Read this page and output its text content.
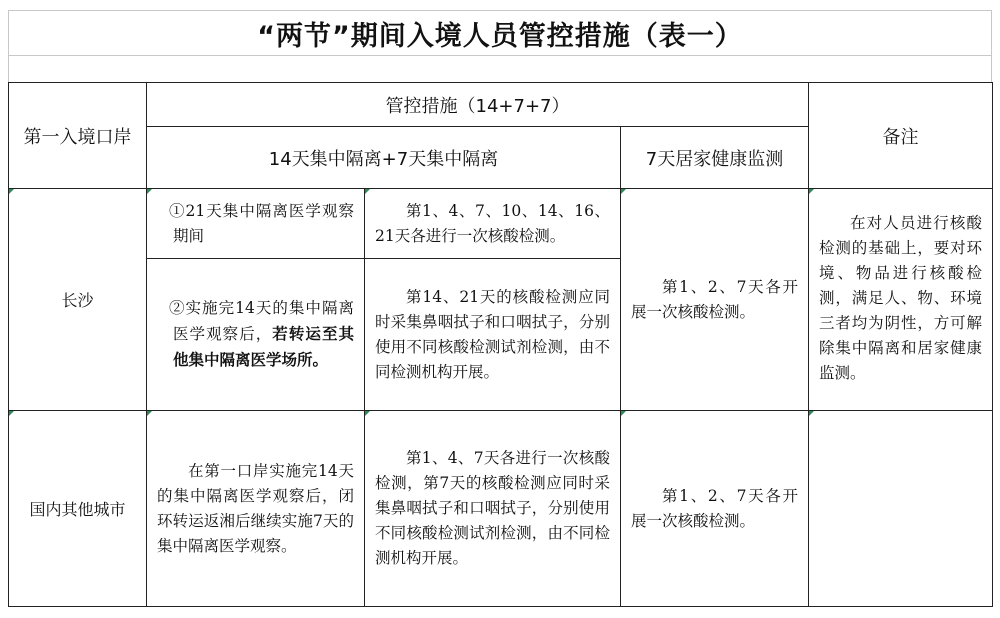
“两节”期间入境人员管控措施（表一）
第一入境口岸	管控措施（14+7+7）			备注
	14天集中隔离+7天集中隔离		7天居家健康监测	
长沙	①21天集中隔离医学观察期间	第1、4、7、10、14、16、21天各进行一次核酸检测。	第1、2、7天各开展一次核酸检测。	在对人员进行核酸检测的基础上，要对环境、物品进行核酸检测，满足人、物、环境三者均为阴性，方可解除集中隔离和居家健康监测。

	②实施完14天的集中隔离医学观察后，若转运至其他集中隔离医学场所。	第14、21天的核酸检测应同时采集鼻咽拭子和口咽拭子，分别使用不同核酸检测试剂检测，由不同检测机构开展。		

国内其他城市	在第一口岸实施完14天的集中隔离医学观察后，闭环转运返湘后继续实施7天的集中隔离医学观察。	第1、4、7天各进行一次核酸检测，第7天的核酸检测应同时采集鼻咽拭子和口咽拭子，分别使用不同核酸检测试剂检测，由不同检测机构开展。	第1、2、7天各开展一次核酸检测。	
